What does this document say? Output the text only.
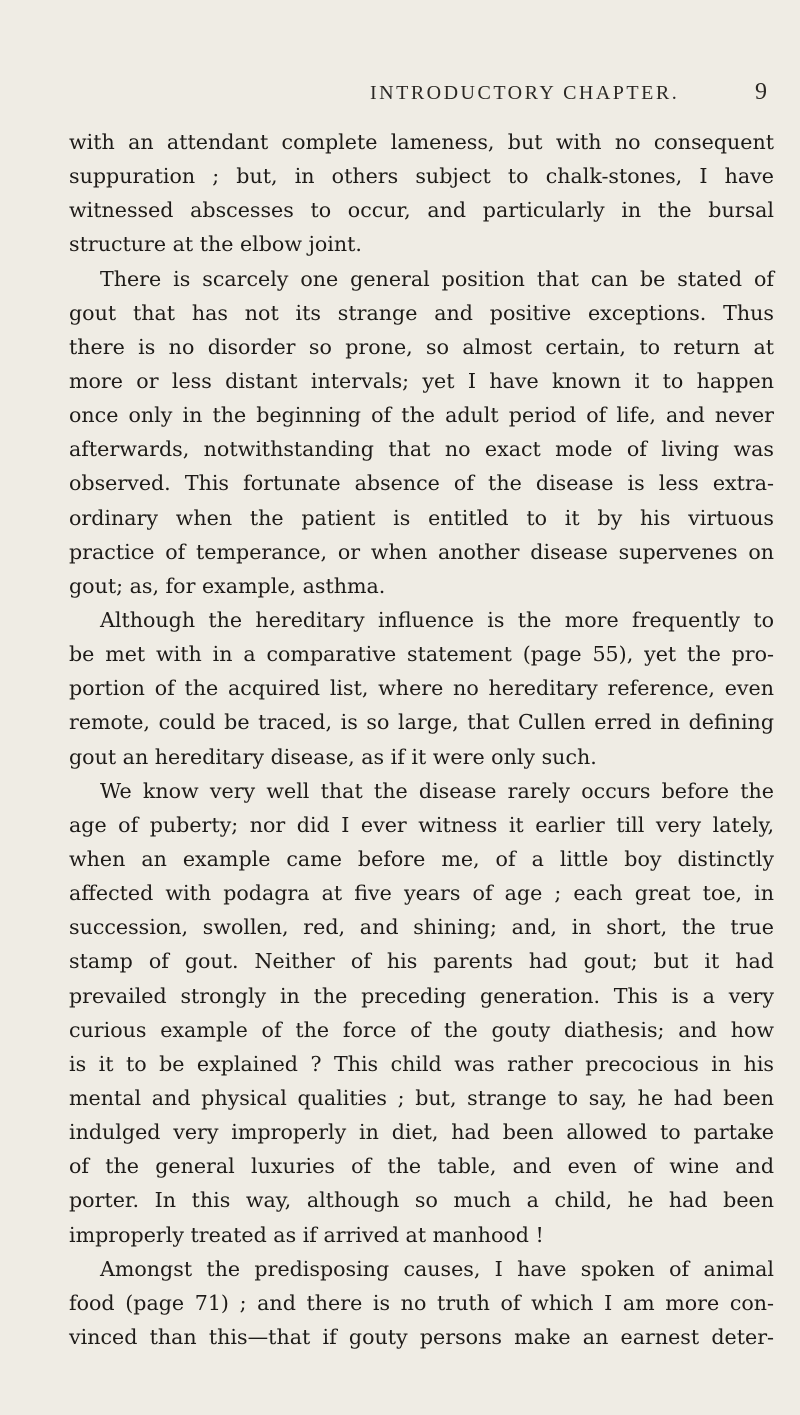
INTRODUCTORY CHAPTER.	9
with an attendant complete lameness, but with no consequent
suppuration ; but, in others subject to chalk-stones, I have
witnessed abscesses to occur, and particularly in the bursal
structure at the elbow joint.
There is scarcely one general position that can be stated of
gout that has not its strange and positive exceptions. Thus
there is no disorder so prone, so almost certain, to return at
more or less distant intervals; yet I have known it to happen
once only in the beginning of the adult period of life, and never
afterwards, notwithstanding that no exact mode of living was
observed. This fortunate absence of the disease is less extra-
ordinary when the patient is entitled to it by his virtuous
practice of temperance, or when another disease supervenes on
gout; as, for example, asthma.
Although the hereditary influence is the more frequently to
be met with in a comparative statement (page 55), yet the pro-
portion of the acquired list, where no hereditary reference, even
remote, could be traced, is so large, that Cullen erred in defining
gout an hereditary disease, as if it were only such.
We know very well that the disease rarely occurs before the
age of puberty; nor did I ever witness it earlier till very lately,
when an example came before me, of a little boy distinctly
affected with podagra at five years of age ; each great toe, in
succession, swollen, red, and shining; and, in short, the true
stamp of gout. Neither of his parents had gout; but it had
prevailed strongly in the preceding generation. This is a very
curious example of the force of the gouty diathesis; and how
is it to be explained ? This child was rather precocious in his
mental and physical qualities ; but, strange to say, he had been
indulged very improperly in diet, had been allowed to partake
of the general luxuries of the table, and even of wine and
porter. In this way, although so much a child, he had been
improperly treated as if arrived at manhood !
Amongst the predisposing causes, I have spoken of animal
food (page 71) ; and there is no truth of which I am more con-
vinced than this—that if gouty persons make an earnest deter-
